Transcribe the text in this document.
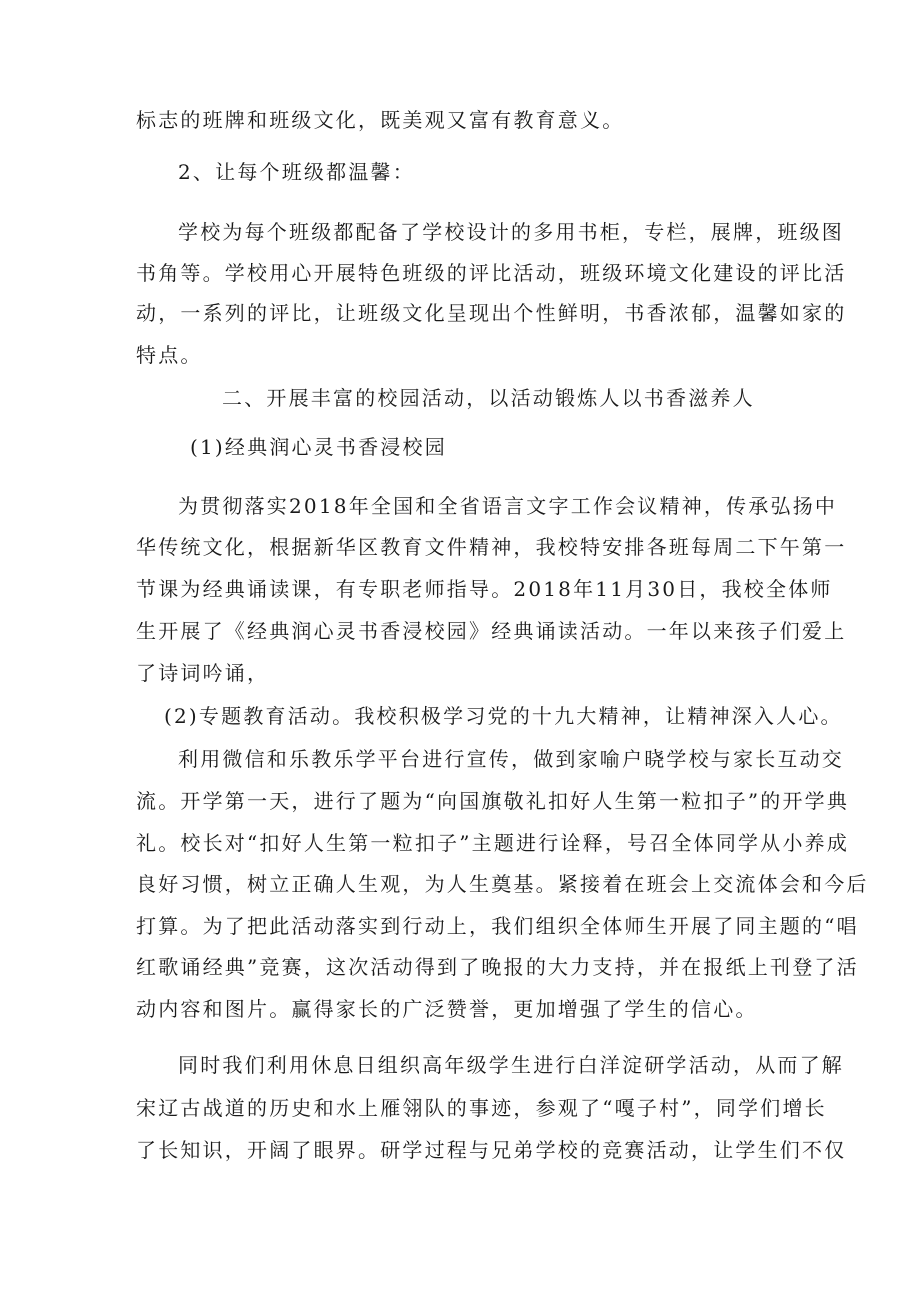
标志的班牌和班级文化，既美观又富有教育意义。

2、让每个班级都温馨：

学校为每个班级都配备了学校设计的多用书柜，专栏，展牌，班级图

书角等。学校用心开展特色班级的评比活动，班级环境文化建设的评比活

动，一系列的评比，让班级文化呈现出个性鲜明，书香浓郁，温馨如家的

特点。

二、开展丰富的校园活动，以活动锻炼人以书香滋养人

(1)经典润心灵书香浸校园

为贯彻落实2018年全国和全省语言文字工作会议精神，传承弘扬中

华传统文化，根据新华区教育文件精神，我校特安排各班每周二下午第一

节课为经典诵读课，有专职老师指导。2018年11月30日，我校全体师

生开展了《经典润心灵书香浸校园》经典诵读活动。一年以来孩子们爱上

了诗词吟诵，

(2)专题教育活动。我校积极学习党的十九大精神，让精神深入人心。

利用微信和乐教乐学平台进行宣传，做到家喻户晓学校与家长互动交

流。开学第一天，进行了题为“向国旗敬礼扣好人生第一粒扣子”的开学典

礼。校长对“扣好人生第一粒扣子”主题进行诠释，号召全体同学从小养成

良好习惯，树立正确人生观，为人生奠基。紧接着在班会上交流体会和今后

打算。为了把此活动落实到行动上，我们组织全体师生开展了同主题的“唱

红歌诵经典”竞赛，这次活动得到了晚报的大力支持，并在报纸上刊登了活

动内容和图片。赢得家长的广泛赞誉，更加增强了学生的信心。

同时我们利用休息日组织高年级学生进行白洋淀研学活动，从而了解

宋辽古战道的历史和水上雁翎队的事迹，参观了“嘎子村”，同学们增长

了长知识，开阔了眼界。研学过程与兄弟学校的竞赛活动，让学生们不仅
